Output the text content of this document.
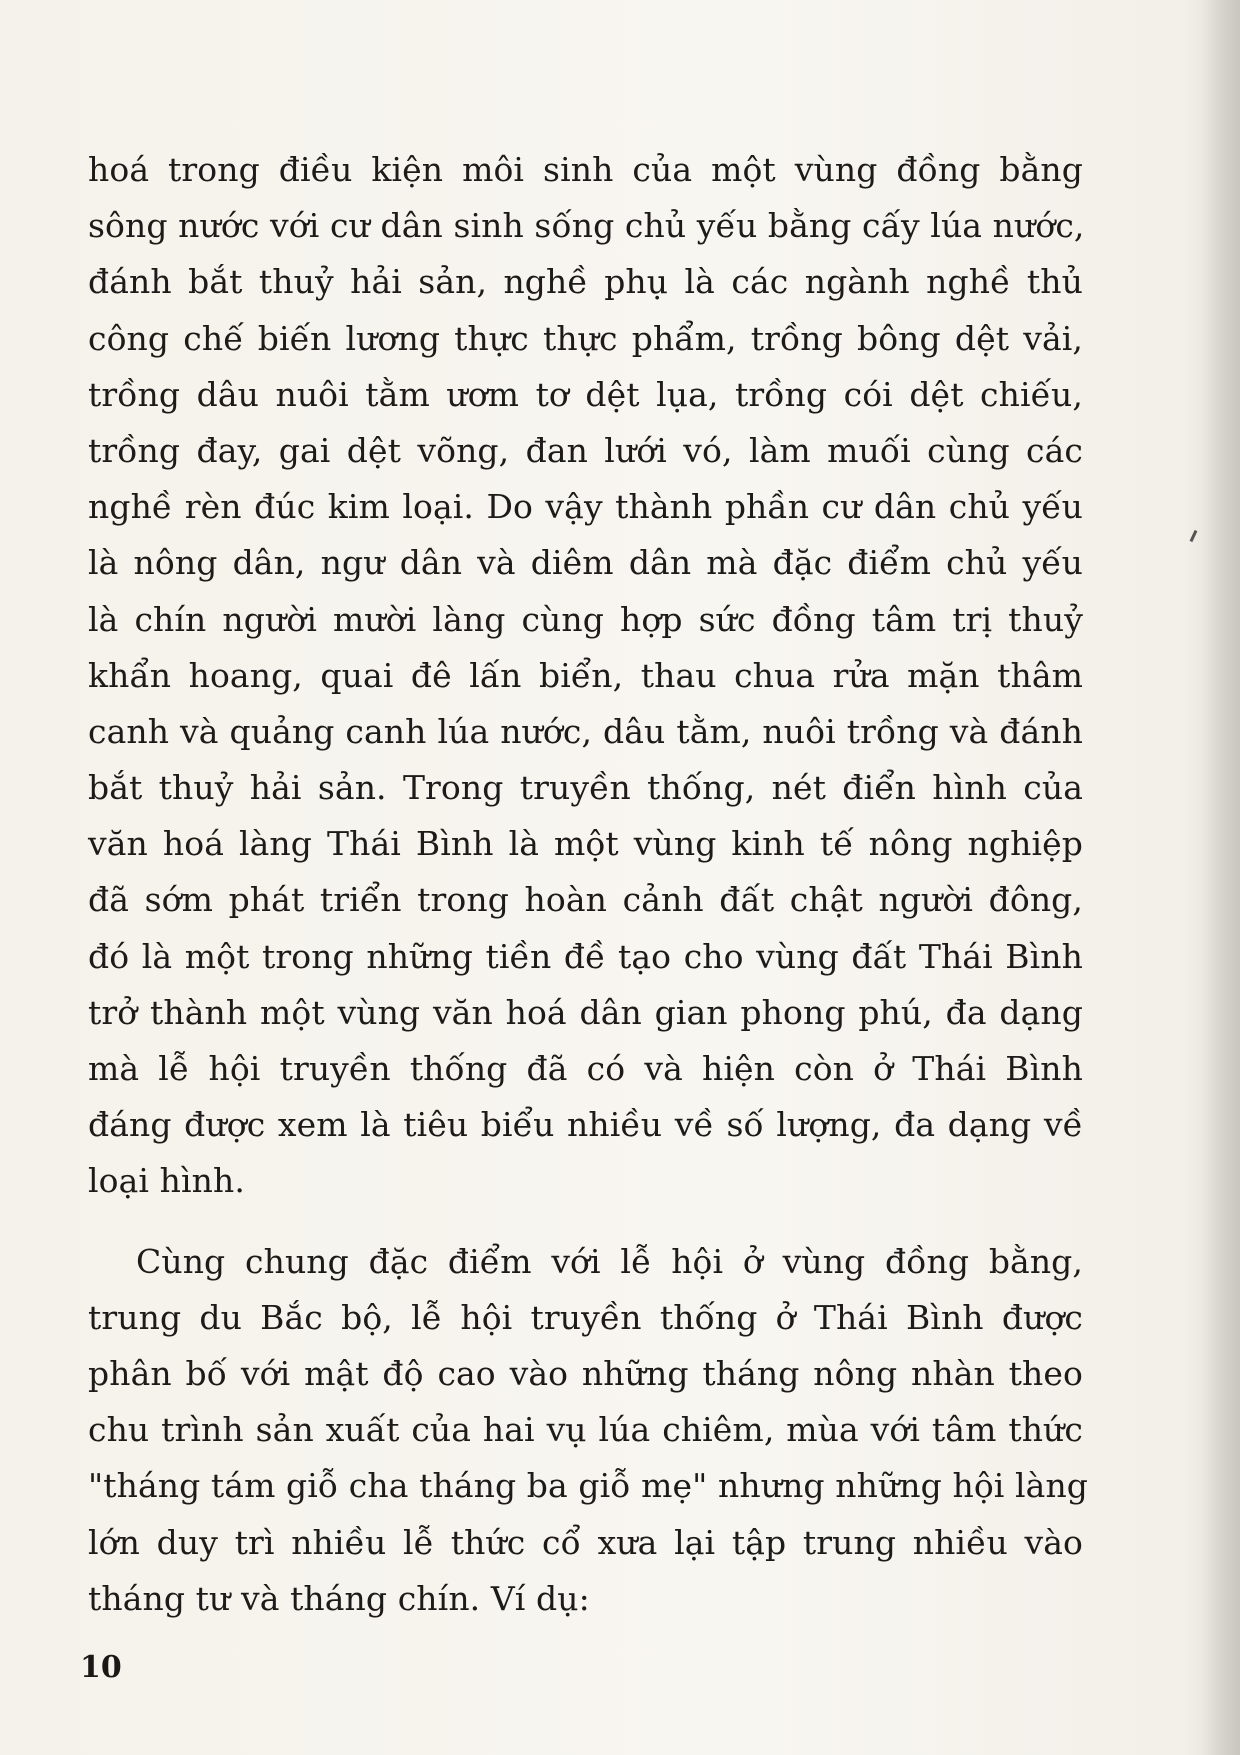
hoá trong điều kiện môi sinh của một vùng đồng bằng
sông nước với cư dân sinh sống chủ yếu bằng cấy lúa nước,
đánh bắt thuỷ hải sản, nghề phụ là các ngành nghề thủ
công chế biến lương thực thực phẩm, trồng bông dệt vải,
trồng dâu nuôi tằm ươm tơ dệt lụa, trồng cói dệt chiếu,
trồng đay, gai dệt võng, đan lưới vó, làm muối cùng các
nghề rèn đúc kim loại. Do vậy thành phần cư dân chủ yếu
là nông dân, ngư dân và diêm dân mà đặc điểm chủ yếu
là chín người mười làng cùng hợp sức đồng tâm trị thuỷ
khẩn hoang, quai đê lấn biển, thau chua rửa mặn thâm
canh và quảng canh lúa nước, dâu tằm, nuôi trồng và đánh
bắt thuỷ hải sản. Trong truyền thống, nét điển hình của
văn hoá làng Thái Bình là một vùng kinh tế nông nghiệp
đã sớm phát triển trong hoàn cảnh đất chật người đông,
đó là một trong những tiền đề tạo cho vùng đất Thái Bình
trở thành một vùng văn hoá dân gian phong phú, đa dạng
mà lễ hội truyền thống đã có và hiện còn ở Thái Bình
đáng được xem là tiêu biểu nhiều về số lượng, đa dạng về
loại hình.
Cùng chung đặc điểm với lễ hội ở vùng đồng bằng,
trung du Bắc bộ, lễ hội truyền thống ở Thái Bình được
phân bố với mật độ cao vào những tháng nông nhàn theo
chu trình sản xuất của hai vụ lúa chiêm, mùa với tâm thức
"tháng tám giỗ cha tháng ba giỗ mẹ" nhưng những hội làng
lớn duy trì nhiều lễ thức cổ xưa lại tập trung nhiều vào
tháng tư và tháng chín. Ví dụ:
10
